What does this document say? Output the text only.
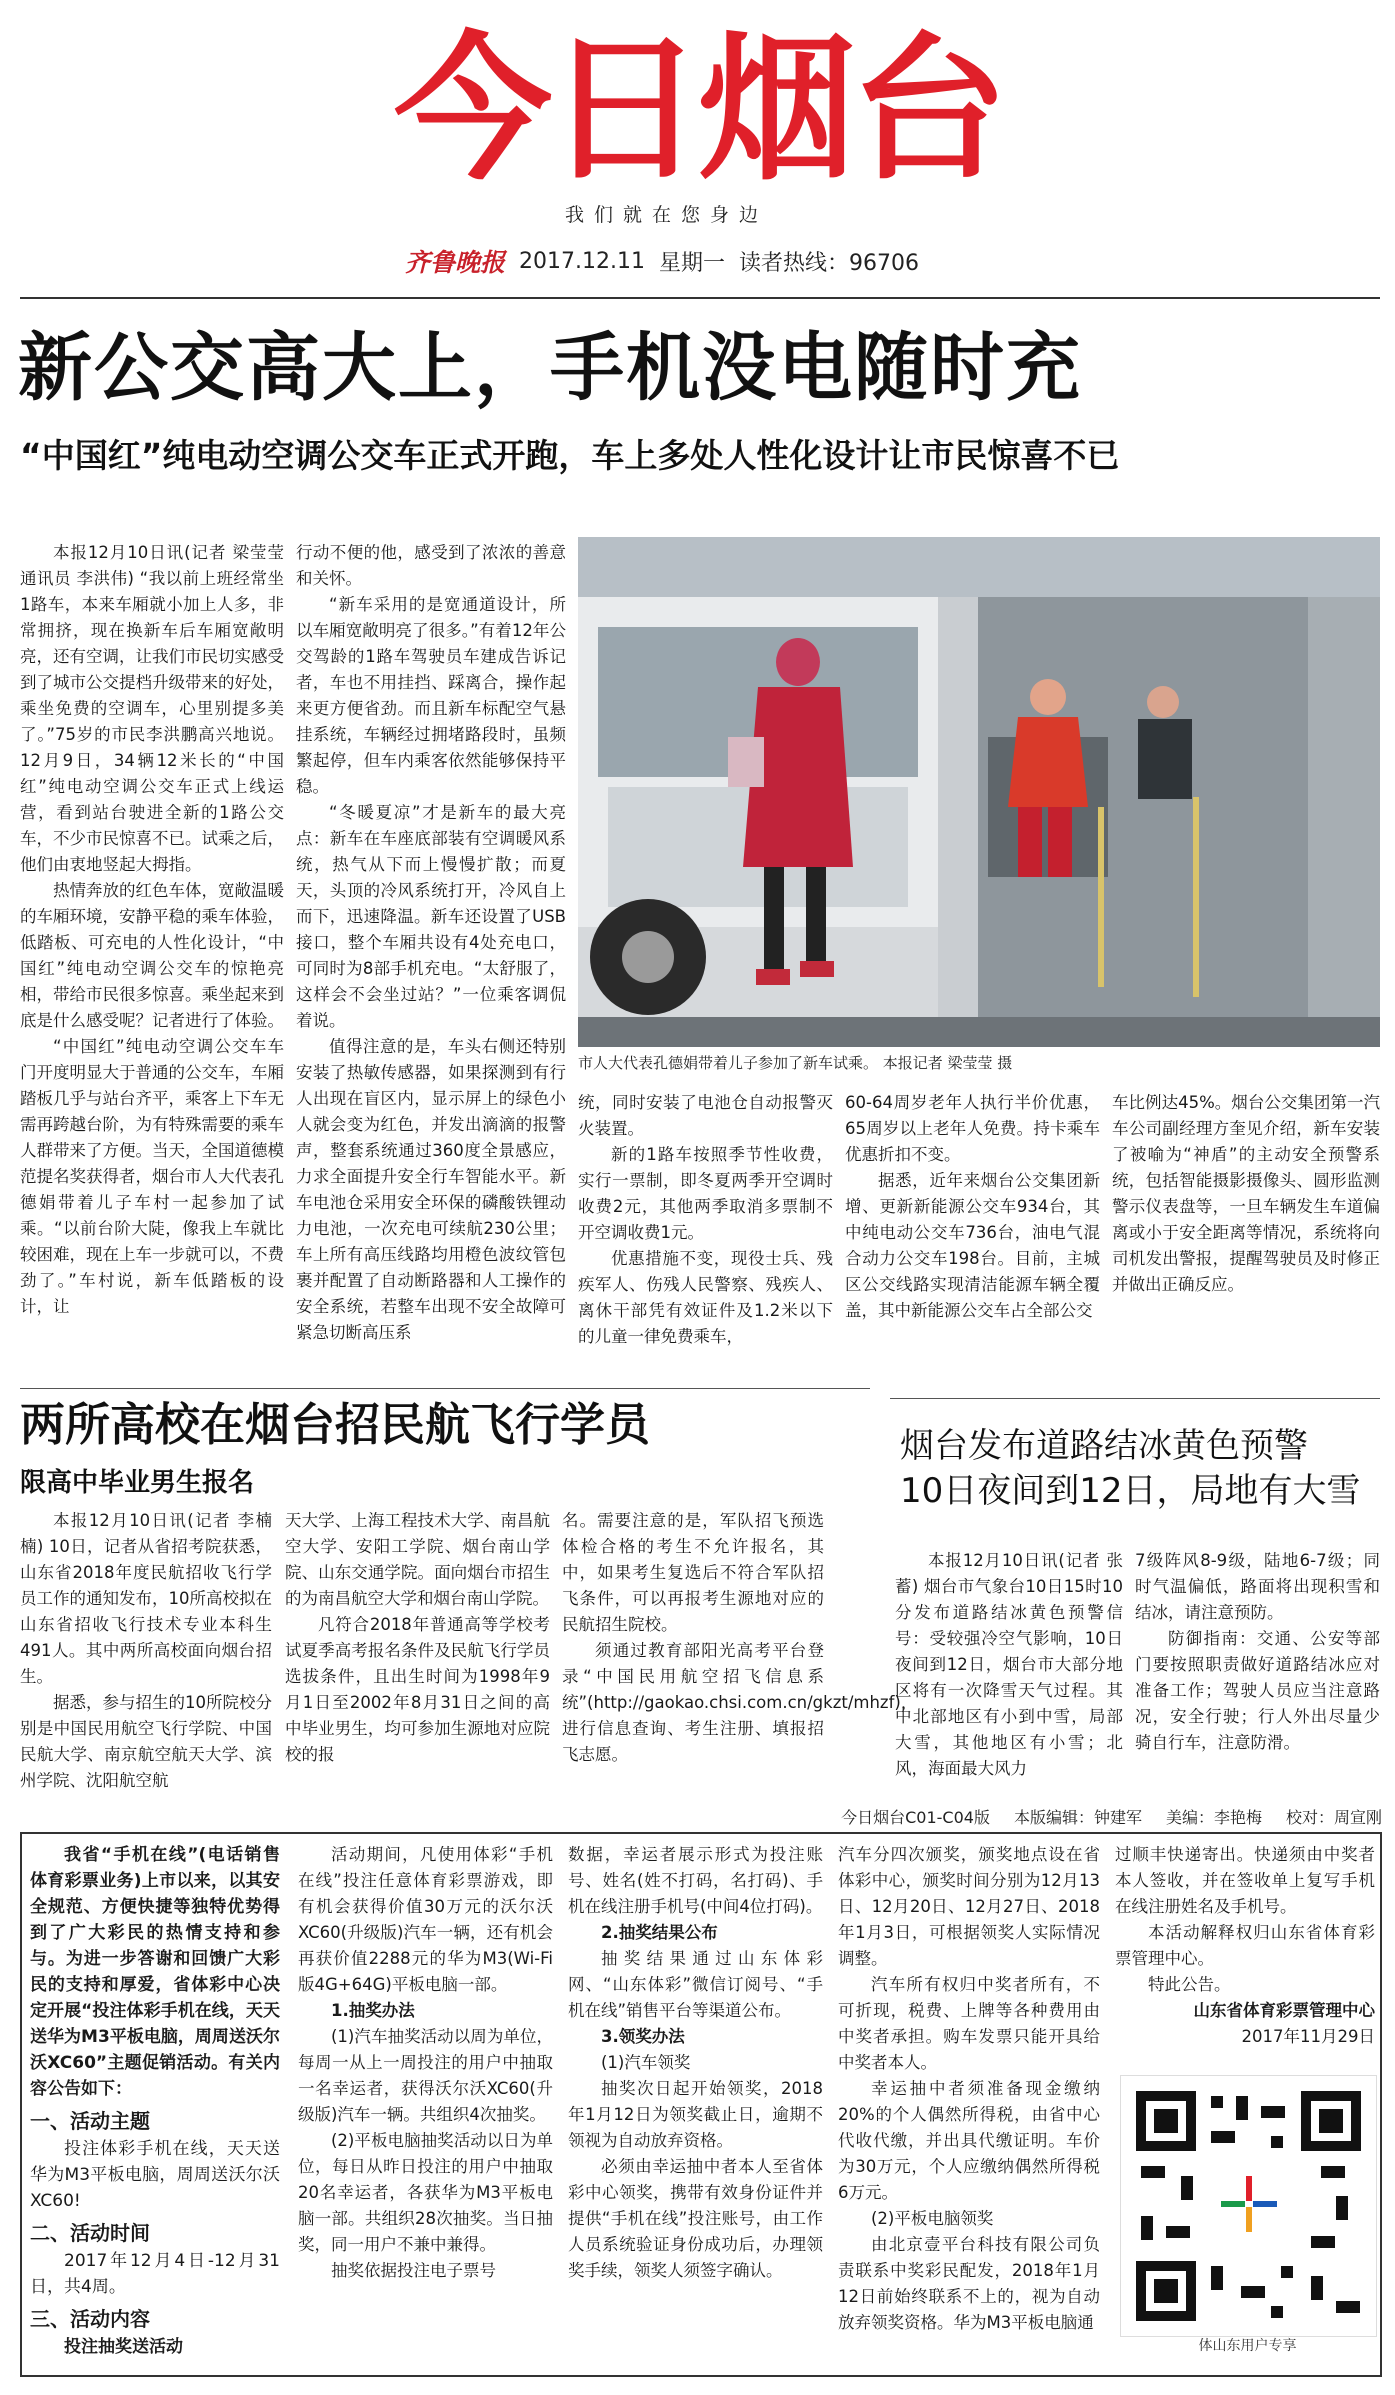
今日烟台
我们就在您身边
齐鲁晚报 2017.12.11 星期一 读者热线：96706
新公交高大上，手机没电随时充
“中国红”纯电动空调公交车正式开跑，车上多处人性化设计让市民惊喜不已

本报12月10日讯(记者 梁莹莹 通讯员 李洪伟) “我以前上班经常坐1路车，本来车厢就小加上人多，非常拥挤，现在换新车后车厢宽敞明亮，还有空调，让我们市民切实感受到了城市公交提档升级带来的好处，乘坐免费的空调车，心里别提多美了。”75岁的市民李洪鹏高兴地说。12月9日，34辆12米长的“中国红”纯电动空调公交车正式上线运营，看到站台驶进全新的1路公交车，不少市民惊喜不已。试乘之后，他们由衷地竖起大拇指。

热情奔放的红色车体，宽敞温暖的车厢环境，安静平稳的乘车体验，低踏板、可充电的人性化设计，“中国红”纯电动空调公交车的惊艳亮相，带给市民很多惊喜。乘坐起来到底是什么感受呢？记者进行了体验。

“中国红”纯电动空调公交车车门开度明显大于普通的公交车，车厢踏板几乎与站台齐平，乘客上下车无需再跨越台阶，为有特殊需要的乘车人群带来了方便。当天，全国道德模范提名奖获得者，烟台市人大代表孔德娟带着儿子车村一起参加了试乘。“以前台阶大陡，像我上车就比较困难，现在上车一步就可以，不费劲了。”车村说，新车低踏板的设计，让

行动不便的他，感受到了浓浓的善意和关怀。

“新车采用的是宽通道设计，所以车厢宽敞明亮了很多。”有着12年公交驾龄的1路车驾驶员车建成告诉记者，车也不用挂挡、踩离合，操作起来更方便省劲。而且新车标配空气悬挂系统，车辆经过拥堵路段时，虽频繁起停，但车内乘客依然能够保持平稳。

“冬暖夏凉”才是新车的最大亮点：新车在车座底部装有空调暖风系统，热气从下而上慢慢扩散；而夏天，头顶的冷风系统打开，冷风自上而下，迅速降温。新车还设置了USB接口，整个车厢共设有4处充电口，可同时为8部手机充电。“太舒服了，这样会不会坐过站？”一位乘客调侃着说。

值得注意的是，车头右侧还特别安装了热敏传感器，如果探测到有行人出现在盲区内，显示屏上的绿色小人就会变为红色，并发出滴滴的报警声，整套系统通过360度全景感应，力求全面提升安全行车智能水平。新车电池仓采用安全环保的磷酸铁锂动力电池，一次充电可续航230公里；车上所有高压线路均用橙色波纹管包裹并配置了自动断路器和人工操作的安全系统，若整车出现不安全故障可紧急切断高压系

市人大代表孔德娟带着儿子参加了新车试乘。 本报记者 梁莹莹 摄

统，同时安装了电池仓自动报警灭火装置。

新的1路车按照季节性收费，实行一票制，即冬夏两季开空调时收费2元，其他两季取消多票制不开空调收费1元。

优惠措施不变，现役士兵、残疾军人、伤残人民警察、残疾人、离休干部凭有效证件及1.2米以下的儿童一律免费乘车，

60-64周岁老年人执行半价优惠，65周岁以上老年人免费。持卡乘车优惠折扣不变。

据悉，近年来烟台公交集团新增、更新新能源公交车934台，其中纯电动公交车736台，油电气混合动力公交车198台。目前，主城区公交线路实现清洁能源车辆全覆盖，其中新能源公交车占全部公交

车比例达45%。烟台公交集团第一汽车公司副经理方奎见介绍，新车安装了被喻为“神盾”的主动安全预警系统，包括智能摄影摄像头、圆形监测警示仪表盘等，一旦车辆发生车道偏离或小于安全距离等情况，系统将向司机发出警报，提醒驾驶员及时修正并做出正确反应。

两所高校在烟台招民航飞行学员
限高中毕业男生报名

本报12月10日讯(记者 李楠楠) 10日，记者从省招考院获悉，山东省2018年度民航招收飞行学员工作的通知发布，10所高校拟在山东省招收飞行技术专业本科生491人。其中两所高校面向烟台招生。

据悉，参与招生的10所院校分别是中国民用航空飞行学院、中国民航大学、南京航空航天大学、滨州学院、沈阳航空航

天大学、上海工程技术大学、南昌航空大学、安阳工学院、烟台南山学院、山东交通学院。面向烟台市招生的为南昌航空大学和烟台南山学院。

凡符合2018年普通高等学校考试夏季高考报名条件及民航飞行学员选拔条件，且出生时间为1998年9月1日至2002年8月31日之间的高中毕业男生，均可参加生源地对应院校的报

名。需要注意的是，军队招飞预选体检合格的考生不允许报名，其中，如果考生复选后不符合军队招飞条件，可以再报考生源地对应的民航招生院校。

须通过教育部阳光高考平台登录“中国民用航空招飞信息系统”(http://gaokao.chsi.com.cn/gkzt/mhzf)，进行信息查询、考生注册、填报招飞志愿。

烟台发布道路结冰黄色预警
10日夜间到12日，局地有大雪

本报12月10日讯(记者 张蓄) 烟台市气象台10日15时10分发布道路结冰黄色预警信号：受较强冷空气影响，10日夜间到12日，烟台市大部分地区将有一次降雪天气过程。其中北部地区有小到中雪，局部大雪，其他地区有小雪；北风，海面最大风力

7级阵风8-9级，陆地6-7级；同时气温偏低，路面将出现积雪和结冰，请注意预防。

防御指南：交通、公安等部门要按照职责做好道路结冰应对准备工作；驾驶人员应当注意路况，安全行驶；行人外出尽量少骑自行车，注意防滑。

今日烟台C01-C04版 本版编辑：钟建军 美编：李艳梅 校对：周宣刚

我省“手机在线”(电话销售体育彩票业务)上市以来，以其安全规范、方便快捷等独特优势得到了广大彩民的热情支持和参与。为进一步答谢和回馈广大彩民的支持和厚爱，省体彩中心决定开展“投注体彩手机在线，天天送华为M3平板电脑，周周送沃尔沃XC60”主题促销活动。有关内容公告如下：

一、活动主题

投注体彩手机在线，天天送华为M3平板电脑，周周送沃尔沃XC60!

二、活动时间

2017年12月4日-12月31日，共4周。

三、活动内容

投注抽奖送活动

活动期间，凡使用体彩“手机在线”投注任意体育彩票游戏，即有机会获得价值30万元的沃尔沃XC60(升级版)汽车一辆，还有机会再获价值2288元的华为M3(Wi-Fi版4G+64G)平板电脑一部。

1.抽奖办法

(1)汽车抽奖活动以周为单位，每周一从上一周投注的用户中抽取一名幸运者，获得沃尔沃XC60(升级版)汽车一辆。共组织4次抽奖。

(2)平板电脑抽奖活动以日为单位，每日从昨日投注的用户中抽取20名幸运者，各获华为M3平板电脑一部。共组织28次抽奖。当日抽奖，同一用户不兼中兼得。

抽奖依据投注电子票号

数据，幸运者展示形式为投注账号、姓名(姓不打码，名打码)、手机在线注册手机号(中间4位打码)。

2.抽奖结果公布

抽奖结果通过山东体彩网、“山东体彩”微信订阅号、“手机在线”销售平台等渠道公布。

3.领奖办法

(1)汽车领奖

抽奖次日起开始领奖，2018年1月12日为领奖截止日，逾期不领视为自动放弃资格。

必须由幸运抽中者本人至省体彩中心领奖，携带有效身份证件并提供“手机在线”投注账号，由工作人员系统验证身份成功后，办理领奖手续，领奖人须签字确认。

汽车分四次颁奖，颁奖地点设在省体彩中心，颁奖时间分别为12月13日、12月20日、12月27日、2018年1月3日，可根据领奖人实际情况调整。

汽车所有权归中奖者所有，不可折现，税费、上牌等各种费用由中奖者承担。购车发票只能开具给中奖者本人。

幸运抽中者须准备现金缴纳20%的个人偶然所得税，由省中心代收代缴，并出具代缴证明。车价为30万元，个人应缴纳偶然所得税6万元。

(2)平板电脑领奖

由北京壹平台科技有限公司负责联系中奖彩民配发，2018年1月12日前始终联系不上的，视为自动放弃领奖资格。华为M3平板电脑通

过顺丰快递寄出。快递须由中奖者本人签收，并在签收单上复写手机在线注册姓名及手机号。

本活动解释权归山东省体育彩票管理中心。

特此公告。

山东省体育彩票管理中心

2017年11月29日

体山东用户专享
